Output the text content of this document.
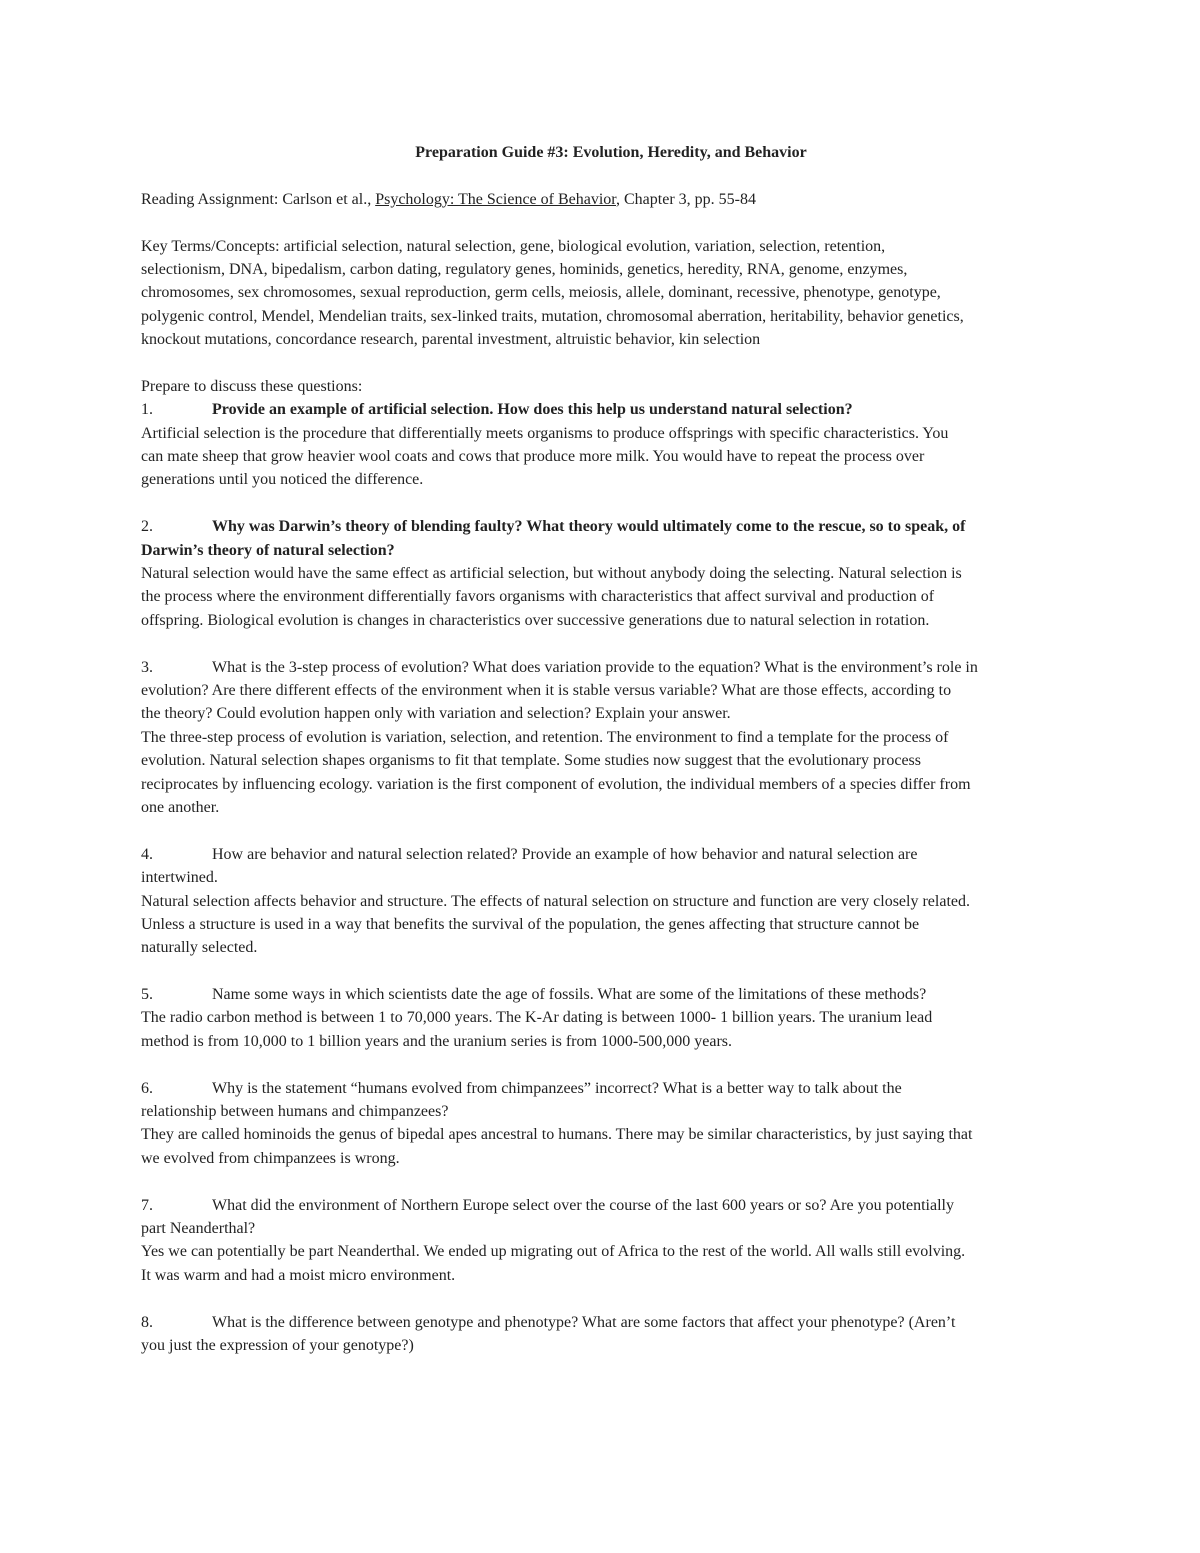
Preparation Guide #3: Evolution, Heredity, and Behavior
Reading Assignment: Carlson et al., Psychology: The Science of Behavior, Chapter 3, pp. 55-84
Key Terms/Concepts: artificial selection, natural selection, gene, biological evolution, variation, selection, retention,
selectionism, DNA, bipedalism, carbon dating, regulatory genes, hominids, genetics, heredity, RNA, genome, enzymes,
chromosomes, sex chromosomes, sexual reproduction, germ cells, meiosis, allele, dominant, recessive, phenotype, genotype,
polygenic control, Mendel, Mendelian traits, sex-linked traits, mutation, chromosomal aberration, heritability, behavior genetics,
knockout mutations, concordance research, parental investment, altruistic behavior, kin selection
Prepare to discuss these questions:
1.	Provide an example of artificial selection. How does this help us understand natural selection?
Artificial selection is the procedure that differentially meets organisms to produce offsprings with specific characteristics. You
can mate sheep that grow heavier wool coats and cows that produce more milk. You would have to repeat the process over
generations until you noticed the difference.
2.	Why was Darwin’s theory of blending faulty? What theory would ultimately come to the rescue, so to speak, of
Darwin’s theory of natural selection?
Natural selection would have the same effect as artificial selection, but without anybody doing the selecting. Natural selection is
the process where the environment differentially favors organisms with characteristics that affect survival and production of
offspring. Biological evolution is changes in characteristics over successive generations due to natural selection in rotation.
3.	What is the 3-step process of evolution? What does variation provide to the equation? What is the environment’s role in
evolution? Are there different effects of the environment when it is stable versus variable? What are those effects, according to
the theory? Could evolution happen only with variation and selection? Explain your answer.
The three-step process of evolution is variation, selection, and retention. The environment to find a template for the process of
evolution. Natural selection shapes organisms to fit that template. Some studies now suggest that the evolutionary process
reciprocates by influencing ecology. variation is the first component of evolution, the individual members of a species differ from
one another.
4.	How are behavior and natural selection related? Provide an example of how behavior and natural selection are
intertwined.
Natural selection affects behavior and structure. The effects of natural selection on structure and function are very closely related.
Unless a structure is used in a way that benefits the survival of the population, the genes affecting that structure cannot be
naturally selected.
5.	Name some ways in which scientists date the age of fossils. What are some of the limitations of these methods?
The radio carbon method is between 1 to 70,000 years. The K-Ar dating is between 1000- 1 billion years. The uranium lead
method is from 10,000 to 1 billion years and the uranium series is from 1000-500,000 years.
6.	Why is the statement “humans evolved from chimpanzees” incorrect? What is a better way to talk about the
relationship between humans and chimpanzees?
They are called hominoids the genus of bipedal apes ancestral to humans. There may be similar characteristics, by just saying that
we evolved from chimpanzees is wrong.
7.	What did the environment of Northern Europe select over the course of the last 600 years or so? Are you potentially
part Neanderthal?
Yes we can potentially be part Neanderthal. We ended up migrating out of Africa to the rest of the world. All walls still evolving.
It was warm and had a moist micro environment.
8.	What is the difference between genotype and phenotype? What are some factors that affect your phenotype? (Aren’t
you just the expression of your genotype?)
